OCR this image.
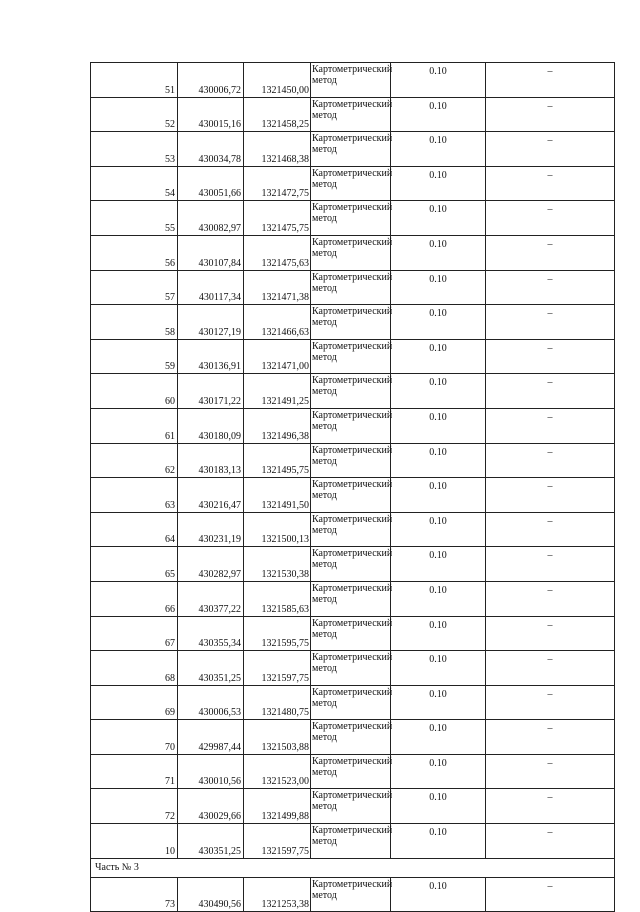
51	430006,72	1321450,00	Картометрический метод	0.10	–
52	430015,16	1321458,25	Картометрический метод	0.10	–
53	430034,78	1321468,38	Картометрический метод	0.10	–
54	430051,66	1321472,75	Картометрический метод	0.10	–
55	430082,97	1321475,75	Картометрический метод	0.10	–
56	430107,84	1321475,63	Картометрический метод	0.10	–
57	430117,34	1321471,38	Картометрический метод	0.10	–
58	430127,19	1321466,63	Картометрический метод	0.10	–
59	430136,91	1321471,00	Картометрический метод	0.10	–
60	430171,22	1321491,25	Картометрический метод	0.10	–
61	430180,09	1321496,38	Картометрический метод	0.10	–
62	430183,13	1321495,75	Картометрический метод	0.10	–
63	430216,47	1321491,50	Картометрический метод	0.10	–
64	430231,19	1321500,13	Картометрический метод	0.10	–
65	430282,97	1321530,38	Картометрический метод	0.10	–
66	430377,22	1321585,63	Картометрический метод	0.10	–
67	430355,34	1321595,75	Картометрический метод	0.10	–
68	430351,25	1321597,75	Картометрический метод	0.10	–
69	430006,53	1321480,75	Картометрический метод	0.10	–
70	429987,44	1321503,88	Картометрический метод	0.10	–
71	430010,56	1321523,00	Картометрический метод	0.10	–
72	430029,66	1321499,88	Картометрический метод	0.10	–
10	430351,25	1321597,75	Картометрический метод	0.10	–
Часть № 3					
73	430490,56	1321253,38	Картометрический метод	0.10	–
